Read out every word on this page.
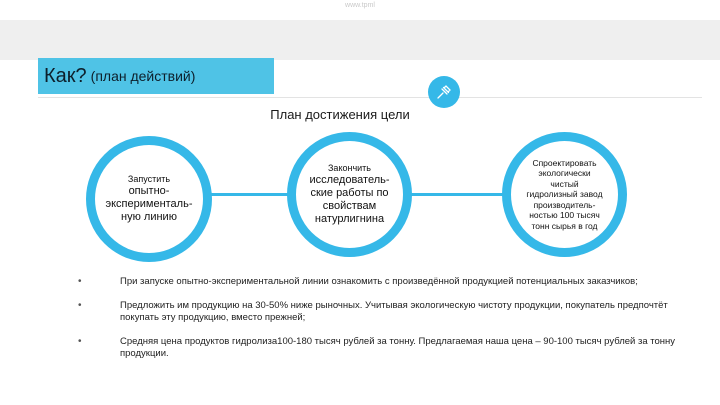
www.tpml
Как? (план действий)
План достижения цели
Запустить
опытно-
эксперименталь-
ную линию
Закончить
исследователь-
ские работы по
свойствам
натурлигнина
Спроектировать
экологически
чистый
гидролизный завод
производитель-
ностью 100 тысяч
тонн сырья в год
•	При запуске опытно-экспериментальной линии ознакомить с произведённой продукцией потенциальных заказчиков;
•	Предложить им продукцию на 30-50% ниже рыночных. Учитывая экологическую чистоту продукции, покупатель предпочтёт покупать эту продукцию, вместо прежней;
•	Средняя цена продуктов гидролиза100-180 тысяч рублей за тонну. Предлагаемая наша цена – 90-100 тысяч рублей за тонну продукции.
